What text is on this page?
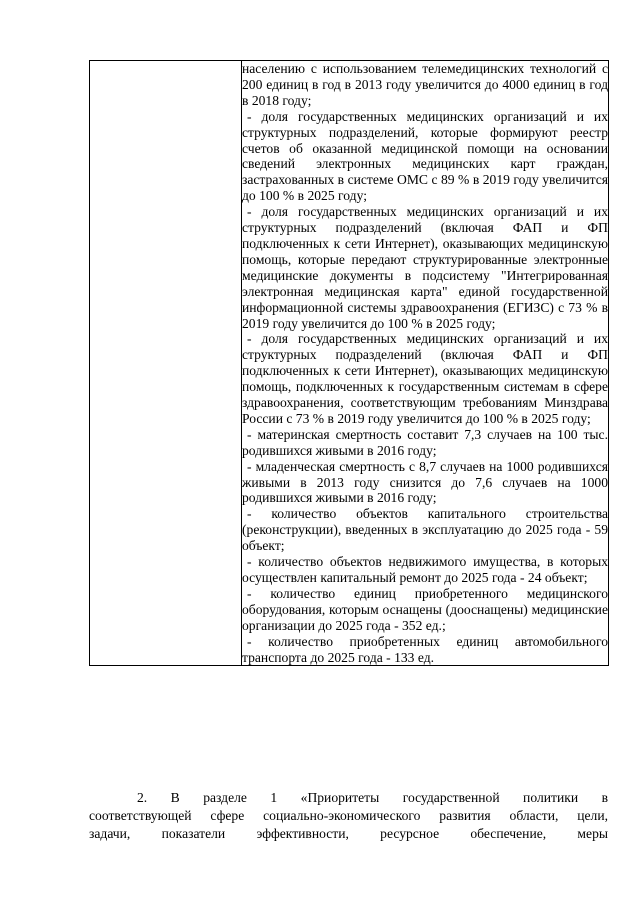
населению с использованием телемедицинских технологий с 200 единиц в год в 2013 году увеличится до 4000 единиц в год в 2018 году;

- доля государственных медицинских организаций и их структурных подразделений, которые формируют реестр счетов об оказанной медицинской помощи на основании сведений электронных медицинских карт граждан, застрахованных в системе ОМС с 89 % в 2019 году увеличится до 100 % в 2025 году;

- доля государственных медицинских организаций и их структурных подразделений (включая ФАП и ФП подключенных к сети Интернет), оказывающих медицинскую помощь, которые передают структурированные электронные медицинские документы в подсистему "Интегрированная электронная медицинская карта" единой государственной информационной системы здравоохранения (ЕГИЗС) с 73 % в 2019 году увеличится до 100 % в 2025 году;

- доля государственных медицинских организаций и их структурных подразделений (включая ФАП и ФП подключенных к сети Интернет), оказывающих медицинскую помощь, подключенных к государственным системам в сфере здравоохранения, соответствующим требованиям Минздрава России с 73 % в 2019 году увеличится до 100 % в 2025 году;

- материнская смертность составит 7,3 случаев на 100 тыс. родившихся живыми в 2016 году;

- младенческая смертность с 8,7 случаев на 1000 родившихся живыми в 2013 году снизится до 7,6 случаев на 1000 родившихся живыми в 2016 году;

- количество объектов капитального строительства (реконструкции), введенных в эксплуатацию до 2025 года - 59 объект;

- количество объектов недвижимого имущества, в которых осуществлен капитальный ремонт до 2025 года - 24 объект;

- количество единиц приобретенного медицинского оборудования, которым оснащены (дооснащены) медицинские организации до 2025 года - 352 ед.;

- количество приобретенных единиц автомобильного транспорта до 2025 года - 133 ед.

2. В разделе 1 «Приоритеты государственной политики в
соответствующей сфере социально-экономического развития области, цели,
задачи, показатели эффективности, ресурсное обеспечение, меры
